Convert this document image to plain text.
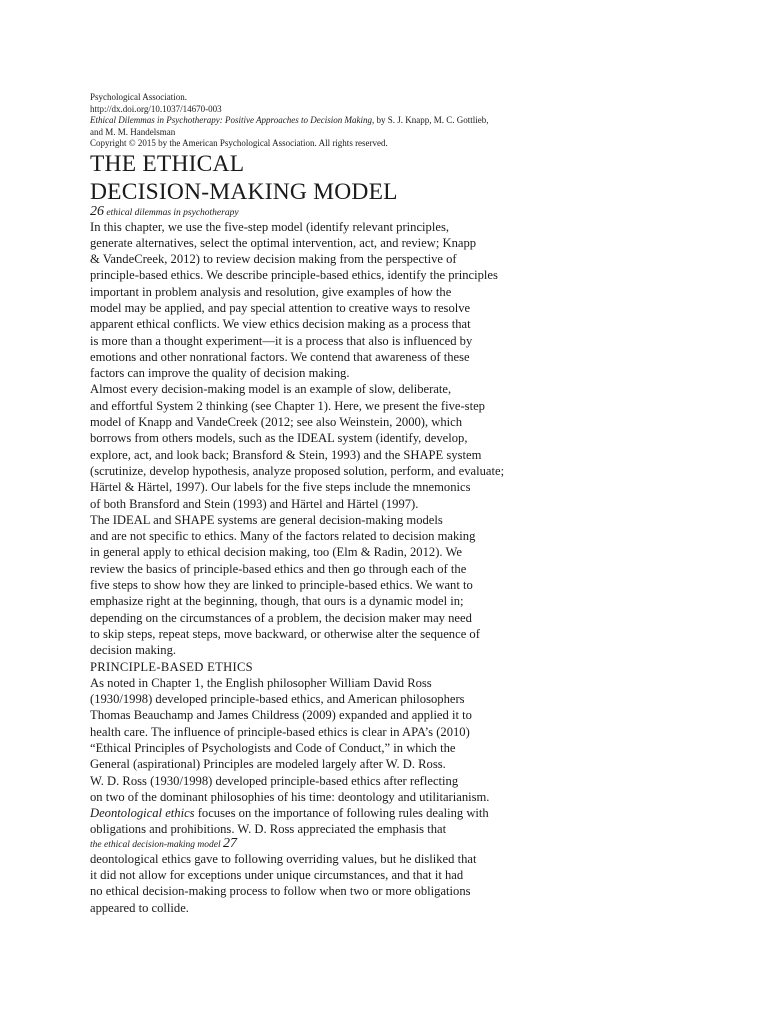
Psychological Association.
http://dx.doi.org/10.1037/14670-003
Ethical Dilemmas in Psychotherapy: Positive Approaches to Decision Making, by S. J. Knapp, M. C. Gottlieb,
and M. M. Handelsman
Copyright © 2015 by the American Psychological Association. All rights reserved.
THE ETHICAL
DECISION-MAKING MODEL
26 ethical dilemmas in psychotherapy
In this chapter, we use the five-step model (identify relevant principles,
generate alternatives, select the optimal intervention, act, and review; Knapp
& VandeCreek, 2012) to review decision making from the perspective of
principle-based ethics. We describe principle-based ethics, identify the principles
important in problem analysis and resolution, give examples of how the
model may be applied, and pay special attention to creative ways to resolve
apparent ethical conflicts. We view ethics decision making as a process that
is more than a thought experiment—it is a process that also is influenced by
emotions and other nonrational factors. We contend that awareness of these
factors can improve the quality of decision making.
Almost every decision-making model is an example of slow, deliberate,
and effortful System 2 thinking (see Chapter 1). Here, we present the five-step
model of Knapp and VandeCreek (2012; see also Weinstein, 2000), which
borrows from others models, such as the IDEAL system (identify, develop,
explore, act, and look back; Bransford & Stein, 1993) and the SHAPE system
(scrutinize, develop hypothesis, analyze proposed solution, perform, and evaluate;
Härtel & Härtel, 1997). Our labels for the five steps include the mnemonics
of both Bransford and Stein (1993) and Härtel and Härtel (1997).
The IDEAL and SHAPE systems are general decision-making models
and are not specific to ethics. Many of the factors related to decision making
in general apply to ethical decision making, too (Elm & Radin, 2012). We
review the basics of principle-based ethics and then go through each of the
five steps to show how they are linked to principle-based ethics. We want to
emphasize right at the beginning, though, that ours is a dynamic model in;
depending on the circumstances of a problem, the decision maker may need
to skip steps, repeat steps, move backward, or otherwise alter the sequence of
decision making.
PRINCIPLE-BASED ETHICS
As noted in Chapter 1, the English philosopher William David Ross
(1930/1998) developed principle-based ethics, and American philosophers
Thomas Beauchamp and James Childress (2009) expanded and applied it to
health care. The influence of principle-based ethics is clear in APA’s (2010)
“Ethical Principles of Psychologists and Code of Conduct,” in which the
General (aspirational) Principles are modeled largely after W. D. Ross.
W. D. Ross (1930/1998) developed principle-based ethics after reflecting
on two of the dominant philosophies of his time: deontology and utilitarianism.
Deontological ethics focuses on the importance of following rules dealing with
obligations and prohibitions. W. D. Ross appreciated the emphasis that
the ethical decision-making model 27
deontological ethics gave to following overriding values, but he disliked that
it did not allow for exceptions under unique circumstances, and that it had
no ethical decision-making process to follow when two or more obligations
appeared to collide.
